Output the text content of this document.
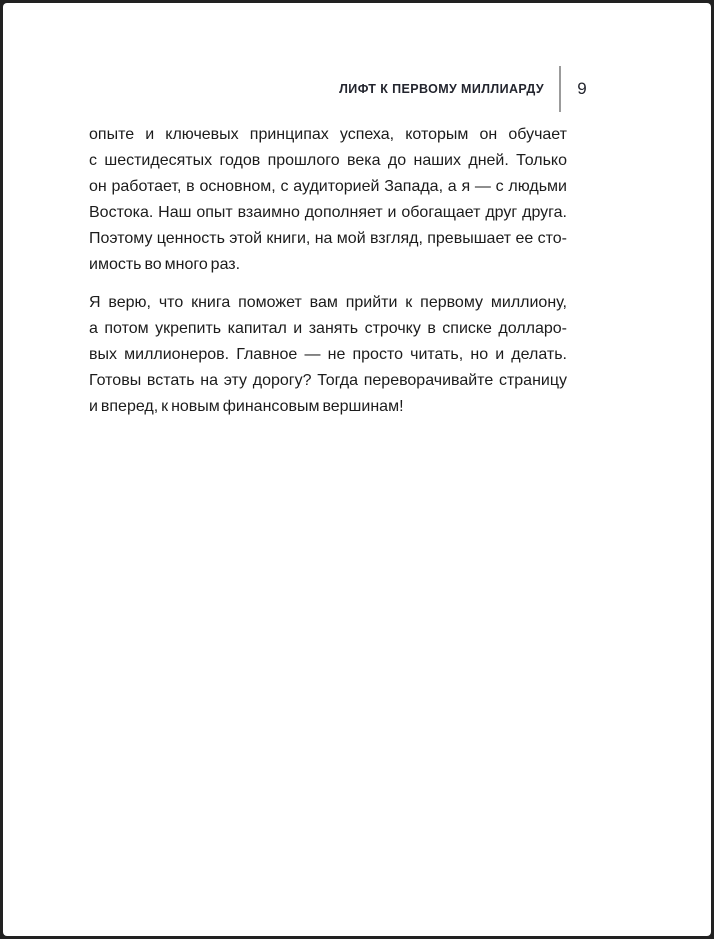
ЛИФТ К ПЕРВОМУ МИЛЛИАРДУ 9
опыте и ключевых принципах успеха, которым он обучает
с шестидесятых годов прошлого века до наших дней. Только
он работает, в основном, с аудиторией Запада, а я — с людьми
Востока. Наш опыт взаимно дополняет и обогащает друг друга.
Поэтому ценность этой книги, на мой взгляд, превышает ее сто-
имость во много раз.
Я верю, что книга поможет вам прийти к первому миллиону,
а потом укрепить капитал и занять строчку в списке долларо-
вых миллионеров. Главное — не просто читать, но и делать.
Готовы встать на эту дорогу? Тогда переворачивайте страницу
и вперед, к новым финансовым вершинам!
